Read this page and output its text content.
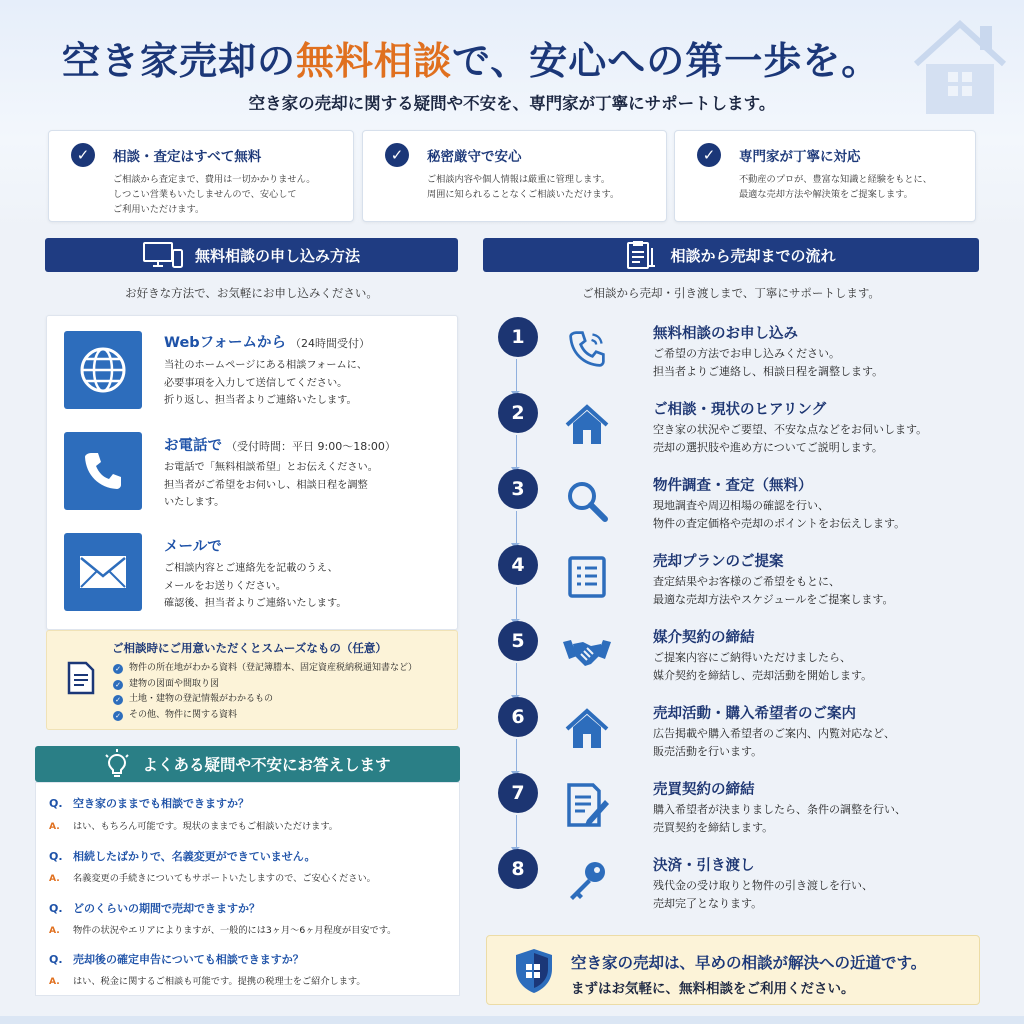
空き家売却の無料相談で、安心への第一歩を。
空き家の売却に関する疑問や不安を、専門家が丁寧にサポートします。
✓	相談・査定はすべて無料
ご相談から査定まで、費用は一切かかりません。
しつこい営業もいたしませんので、安心して
ご利用いただけます。
✓	秘密厳守で安心
ご相談内容や個人情報は厳重に管理します。
周囲に知られることなくご相談いただけます。
✓	専門家が丁寧に対応
不動産のプロが、豊富な知識と経験をもとに、
最適な売却方法や解決策をご提案します。
無料相談の申し込み方法
お好きな方法で、お気軽にお申し込みください。
Webフォームから （24時間受付）
当社のホームページにある相談フォームに、
必要事項を入力して送信してください。
折り返し、担当者よりご連絡いたします。
お電話で （受付時間：平日 9:00〜18:00）
お電話で「無料相談希望」とお伝えください。
担当者がご希望をお伺いし、相談日程を調整
いたします。
メールで
ご相談内容とご連絡先を記載のうえ、
メールをお送りください。
確認後、担当者よりご連絡いたします。
ご相談時にご用意いただくとスムーズなもの（任意）
✓ 物件の所在地がわかる資料（登記簿謄本、固定資産税納税通知書など）
✓ 建物の図面や間取り図
✓ 土地・建物の登記情報がわかるもの
✓ その他、物件に関する資料
よくある疑問や不安にお答えします
Q. 空き家のままでも相談できますか？
A. はい、もちろん可能です。現状のままでもご相談いただけます。
Q. 相続したばかりで、名義変更ができていません。
A. 名義変更の手続きについてもサポートいたしますので、ご安心ください。
Q. どのくらいの期間で売却できますか？
A. 物件の状況やエリアによりますが、一般的には3ヶ月〜6ヶ月程度が目安です。
Q. 売却後の確定申告についても相談できますか？
A. はい、税金に関するご相談も可能です。提携の税理士をご紹介します。
相談から売却までの流れ
ご相談から売却・引き渡しまで、丁寧にサポートします。
1	無料相談のお申し込み
ご希望の方法でお申し込みください。
担当者よりご連絡し、相談日程を調整します。
2	ご相談・現状のヒアリング
空き家の状況やご要望、不安な点などをお伺いします。
売却の選択肢や進め方についてご説明します。
3	物件調査・査定（無料）
現地調査や周辺相場の確認を行い、
物件の査定価格や売却のポイントをお伝えします。
4	売却プランのご提案
査定結果やお客様のご希望をもとに、
最適な売却方法やスケジュールをご提案します。
5	媒介契約の締結
ご提案内容にご納得いただけましたら、
媒介契約を締結し、売却活動を開始します。
6	売却活動・購入希望者のご案内
広告掲載や購入希望者のご案内、内覧対応など、
販売活動を行います。
7	売買契約の締結
購入希望者が決まりましたら、条件の調整を行い、
売買契約を締結します。
8	決済・引き渡し
残代金の受け取りと物件の引き渡しを行い、
売却完了となります。
空き家の売却は、早めの相談が解決への近道です。
まずはお気軽に、無料相談をご利用ください。
